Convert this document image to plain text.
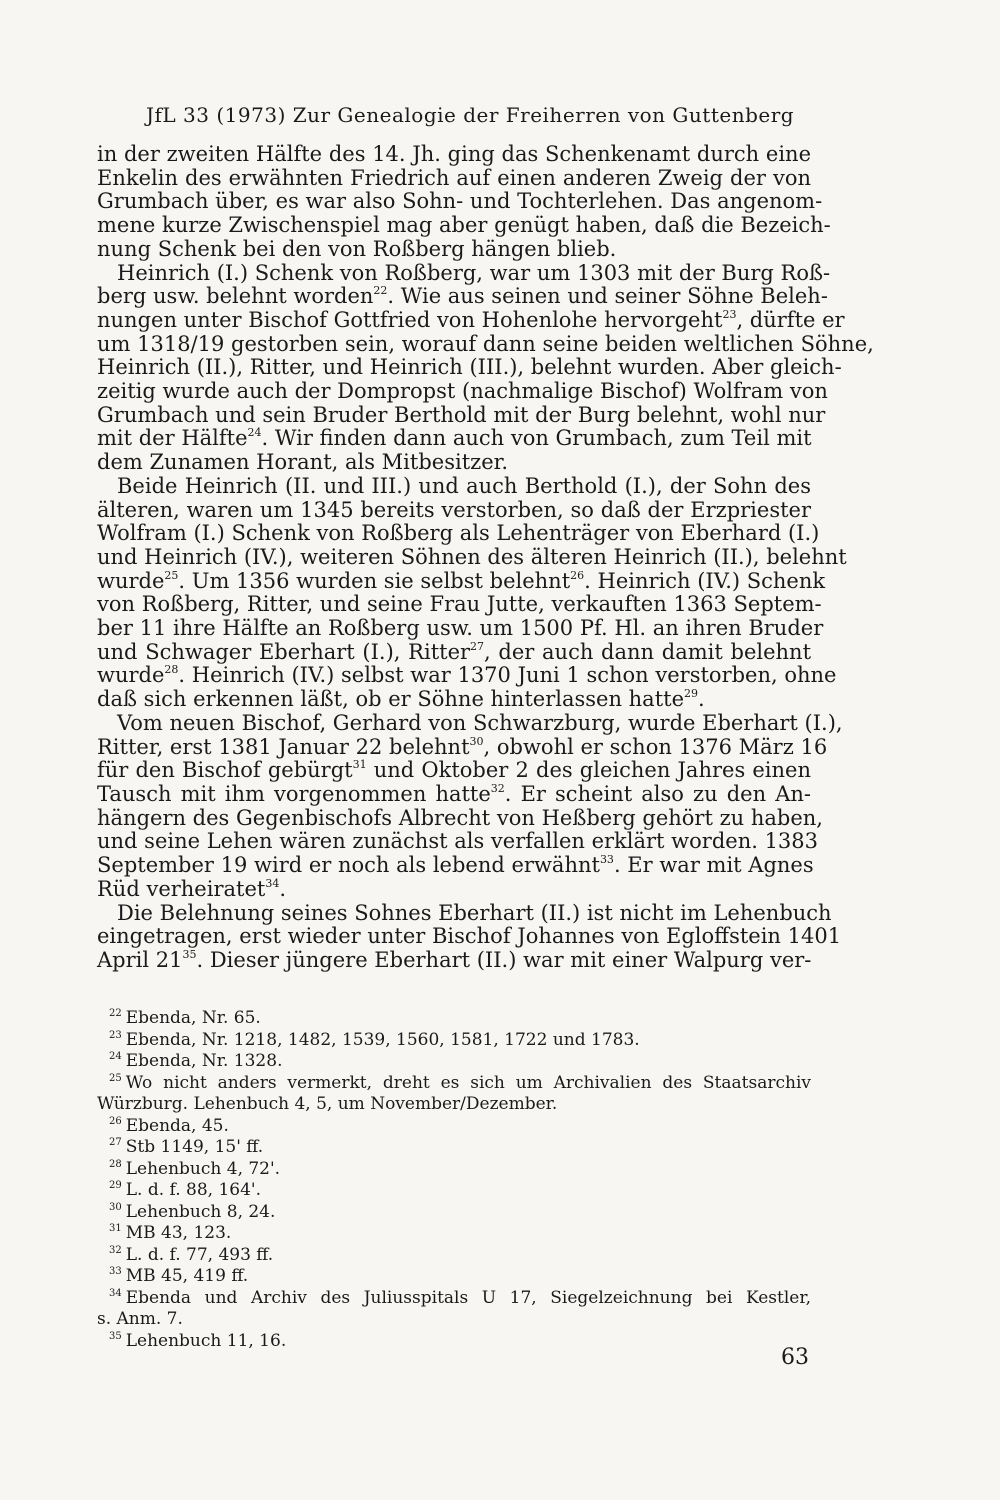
JfL 33 (1973) Zur Genealogie der Freiherren von Guttenberg
in der zweiten Hälfte des 14. Jh. ging das Schenkenamt durch eine
Enkelin des erwähnten Friedrich auf einen anderen Zweig der von
Grumbach über, es war also Sohn- und Tochterlehen. Das angenom-
mene kurze Zwischenspiel mag aber genügt haben, daß die Bezeich-
nung Schenk bei den von Roßberg hängen blieb.
Heinrich (I.) Schenk von Roßberg, war um 1303 mit der Burg Roß-
berg usw. belehnt worden$^{22}$. Wie aus seinen und seiner Söhne Beleh-
nungen unter Bischof Gottfried von Hohenlohe hervorgeht$^{23}$, dürfte er
um 1318/19 gestorben sein, worauf dann seine beiden weltlichen Söhne,
Heinrich (II.), Ritter, und Heinrich (III.), belehnt wurden. Aber gleich-
zeitig wurde auch der Dompropst (nachmalige Bischof) Wolfram von
Grumbach und sein Bruder Berthold mit der Burg belehnt, wohl nur
mit der Hälfte$^{24}$. Wir finden dann auch von Grumbach, zum Teil mit
dem Zunamen Horant, als Mitbesitzer.
Beide Heinrich (II. und III.) und auch Berthold (I.), der Sohn des
älteren, waren um 1345 bereits verstorben, so daß der Erzpriester
Wolfram (I.) Schenk von Roßberg als Lehenträger von Eberhard (I.)
und Heinrich (IV.), weiteren Söhnen des älteren Heinrich (II.), belehnt
wurde$^{25}$. Um 1356 wurden sie selbst belehnt$^{26}$. Heinrich (IV.) Schenk
von Roßberg, Ritter, und seine Frau Jutte, verkauften 1363 Septem-
ber 11 ihre Hälfte an Roßberg usw. um 1500 Pf. Hl. an ihren Bruder
und Schwager Eberhart (I.), Ritter$^{27}$, der auch dann damit belehnt
wurde$^{28}$. Heinrich (IV.) selbst war 1370 Juni 1 schon verstorben, ohne
daß sich erkennen läßt, ob er Söhne hinterlassen hatte$^{29}$.
Vom neuen Bischof, Gerhard von Schwarzburg, wurde Eberhart (I.),
Ritter, erst 1381 Januar 22 belehnt$^{30}$, obwohl er schon 1376 März 16
für den Bischof gebürgt$^{31}$ und Oktober 2 des gleichen Jahres einen
Tausch mit ihm vorgenommen hatte$^{32}$. Er scheint also zu den An-
hängern des Gegenbischofs Albrecht von Heßberg gehört zu haben,
und seine Lehen wären zunächst als verfallen erklärt worden. 1383
September 19 wird er noch als lebend erwähnt$^{33}$. Er war mit Agnes
Rüd verheiratet$^{34}$.
Die Belehnung seines Sohnes Eberhart (II.) ist nicht im Lehenbuch
eingetragen, erst wieder unter Bischof Johannes von Egloffstein 1401
April $21^{35}$. Dieser jüngere Eberhart (II.) war mit einer Walpurg ver-
$^{22}$ Ebenda, Nr. 65.
$^{23}$ Ebenda, Nr. 1218, 1482, 1539, 1560, 1581, 1722 und 1783.
$^{24}$ Ebenda, Nr. 1328.
$^{25}$ Wo nicht anders vermerkt, dreht es sich um Archivalien des Staatsarchiv
Würzburg. Lehenbuch 4, 5, um November/Dezember.
$^{26}$ Ebenda, 45.
$^{27}$ Stb 1149, 15' ff.
$^{28}$ Lehenbuch 4, 72'.
$^{29}$ L. d. f. 88, 164'.
$^{30}$ Lehenbuch 8, 24.
$^{31}$ MB 43, 123.
$^{32}$ L. d. f. 77, 493 ff.
$^{33}$ MB 45, 419 ff.
$^{34}$ Ebenda und Archiv des Juliusspitals U 17, Siegelzeichnung bei Kestler,
s. Anm. 7.
$^{35}$ Lehenbuch 11, 16.
63
